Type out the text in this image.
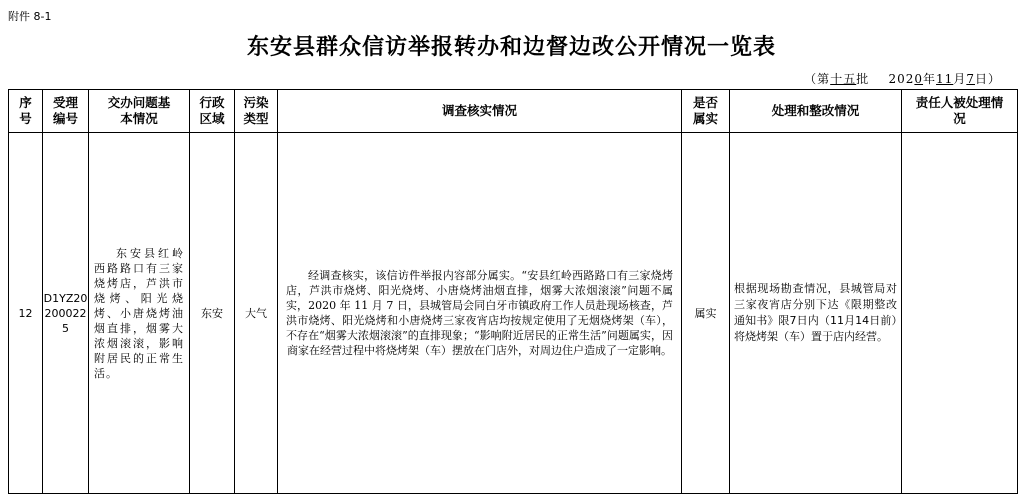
附件 8-1
东安县群众信访举报转办和边督边改公开情况一览表
（第十五批 2020年11月7日）
序号	受理编号	交办问题基本情况	行政区域	污染类型	调查核实情况	是否属实	处理和整改情况	责任人被处理情况
12	D1YZ20200022 5	东安县红岭西路路口有三家烧烤店，芦洪市烧烤、阳光烧烤、小唐烧烤油烟直排，烟雾大浓烟滚滚，影响附居民的正常生活。	东安	大气	经调查核实，该信访件举报内容部分属实。“安县红岭西路路口有三家烧烤店，芦洪市烧烤、阳光烧烤、小唐烧烤油烟直排，烟雾大浓烟滚滚”问题不属实，2020 年 11 月 7 日，县城管局会同白牙市镇政府工作人员赴现场核查，芦洪市烧烤、阳光烧烤和小唐烧烤三家夜宵店均按规定使用了无烟烧烤架（车），不存在“烟雾大浓烟滚滚”的直排现象；“影响附近居民的正常生活”问题属实，因商家在经营过程中将烧烤架（车）摆放在门店外，对周边住户造成了一定影响。	属实	根据现场勘查情况，县城管局对三家夜宵店分别下达《限期整改通知书》限7日内（11月14日前）将烧烤架（车）置于店内经营。	
